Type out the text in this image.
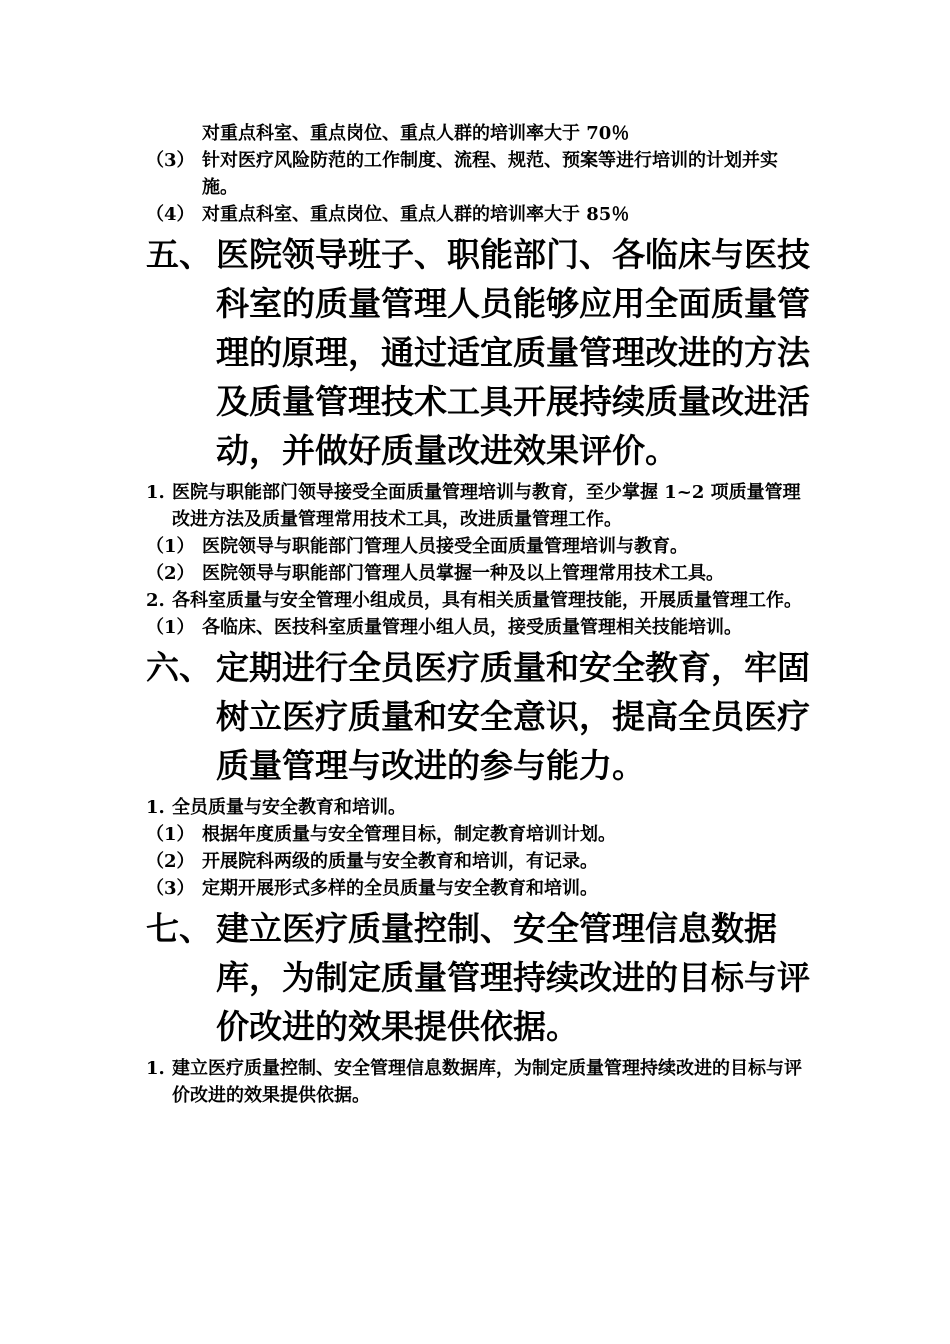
对重点科室、重点岗位、重点人群的培训率大于 70％
（3） 针对医疗风险防范的工作制度、流程、规范、预案等进行培训的计划并实施。
（4） 对重点科室、重点岗位、重点人群的培训率大于 85％
五、 医院领导班子、职能部门、各临床与医技科室的质量管理人员能够应用全面质量管理的原理，通过适宜质量管理改进的方法及质量管理技术工具开展持续质量改进活动，并做好质量改进效果评价。
1. 医院与职能部门领导接受全面质量管理培训与教育，至少掌握 1~2 项质量管理改进方法及质量管理常用技术工具，改进质量管理工作。
（1） 医院领导与职能部门管理人员接受全面质量管理培训与教育。
（2） 医院领导与职能部门管理人员掌握一种及以上管理常用技术工具。
2. 各科室质量与安全管理小组成员，具有相关质量管理技能，开展质量管理工作。
（1） 各临床、医技科室质量管理小组人员，接受质量管理相关技能培训。
六、 定期进行全员医疗质量和安全教育，牢固树立医疗质量和安全意识，提高全员医疗质量管理与改进的参与能力。
1. 全员质量与安全教育和培训。
（1） 根据年度质量与安全管理目标，制定教育培训计划。
（2） 开展院科两级的质量与安全教育和培训，有记录。
（3） 定期开展形式多样的全员质量与安全教育和培训。
七、 建立医疗质量控制、安全管理信息数据库，为制定质量管理持续改进的目标与评价改进的效果提供依据。
1. 建立医疗质量控制、安全管理信息数据库，为制定质量管理持续改进的目标与评价改进的效果提供依据。
